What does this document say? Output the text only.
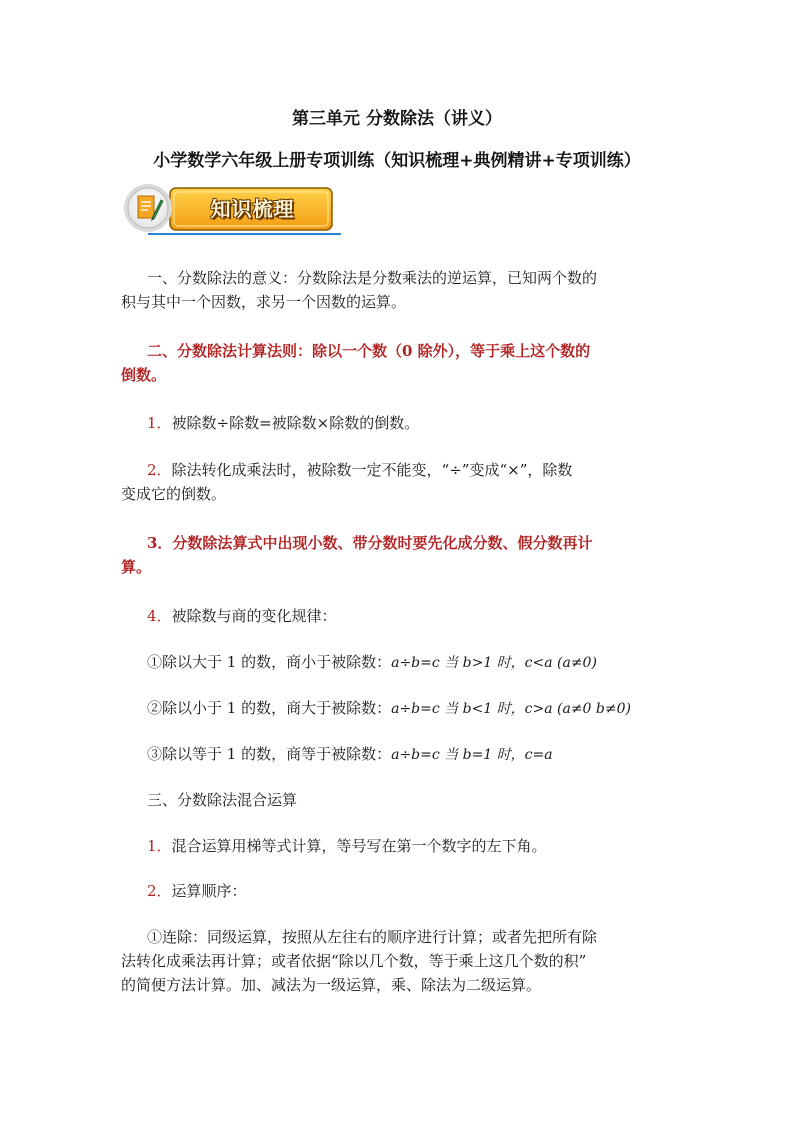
第三单元 分数除法（讲义）
小学数学六年级上册专项训练（知识梳理+典例精讲+专项训练）
知识梳理
一、分数除法的意义：分数除法是分数乘法的逆运算，已知两个数的
积与其中一个因数，求另一个因数的运算。
二、分数除法计算法则：除以一个数（0 除外），等于乘上这个数的
倒数。
1．被除数÷除数=被除数×除数的倒数。
2．除法转化成乘法时，被除数一定不能变，“÷”变成“×”，除数
变成它的倒数。
3．分数除法算式中出现小数、带分数时要先化成分数、假分数再计
算。
4．被除数与商的变化规律：
①除以大于 1 的数，商小于被除数：a÷b=c 当 b>1 时，c<a (a≠0)
②除以小于 1 的数，商大于被除数：a÷b=c 当 b<1 时，c>a (a≠0 b≠0)
③除以等于 1 的数，商等于被除数：a÷b=c 当 b=1 时，c=a
三、分数除法混合运算
1．混合运算用梯等式计算，等号写在第一个数字的左下角。
2．运算顺序：
①连除：同级运算，按照从左往右的顺序进行计算；或者先把所有除
法转化成乘法再计算；或者依据“除以几个数，等于乘上这几个数的积”
的简便方法计算。加、减法为一级运算，乘、除法为二级运算。
